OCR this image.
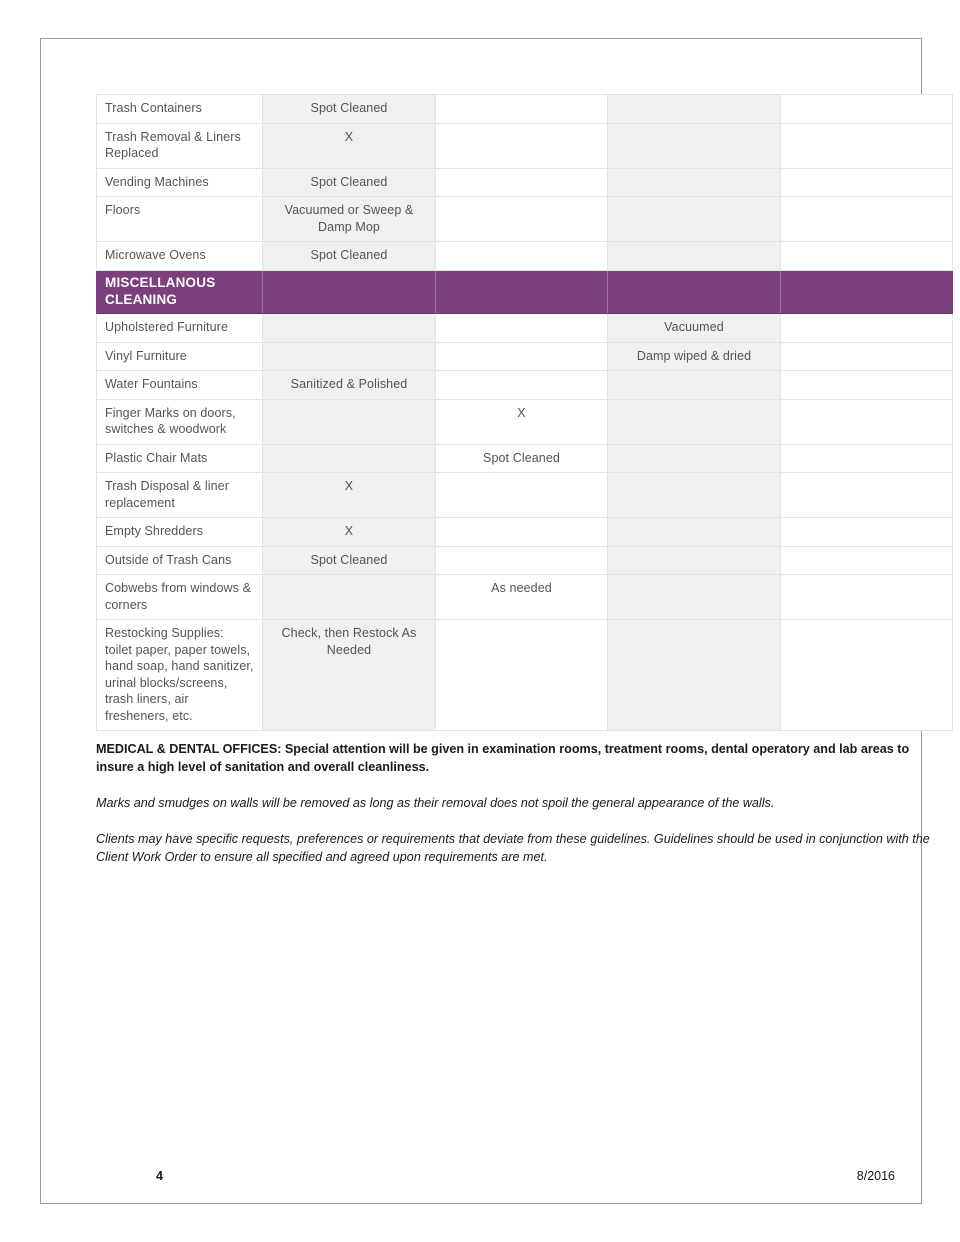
Trash Containers	Spot Cleaned			
Trash Removal & Liners Replaced	X			
Vending Machines	Spot Cleaned			
Floors	Vacuumed or Sweep & Damp Mop			
Microwave Ovens	Spot Cleaned			
MISCELLANOUS CLEANING				
Upholstered Furniture			Vacuumed	
Vinyl Furniture			Damp wiped & dried	
Water Fountains	Sanitized & Polished			
Finger Marks on doors, switches & woodwork		X		
Plastic Chair Mats		Spot Cleaned		
Trash Disposal & liner replacement	X			
Empty Shredders	X			
Outside of Trash Cans	Spot Cleaned			
Cobwebs from windows & corners		As needed		
Restocking Supplies: toilet paper, paper towels, hand soap, hand sanitizer, urinal blocks/screens, trash liners, air fresheners, etc.	Check, then Restock As Needed			

MEDICAL & DENTAL OFFICES: Special attention will be given in examination rooms, treatment rooms, dental operatory and lab areas to insure a high level of sanitation and overall cleanliness.

Marks and smudges on walls will be removed as long as their removal does not spoil the general appearance of the walls.

Clients may have specific requests, preferences or requirements that deviate from these guidelines. Guidelines should be used in conjunction with the Client Work Order to ensure all specified and agreed upon requirements are met.

4	8/2016
